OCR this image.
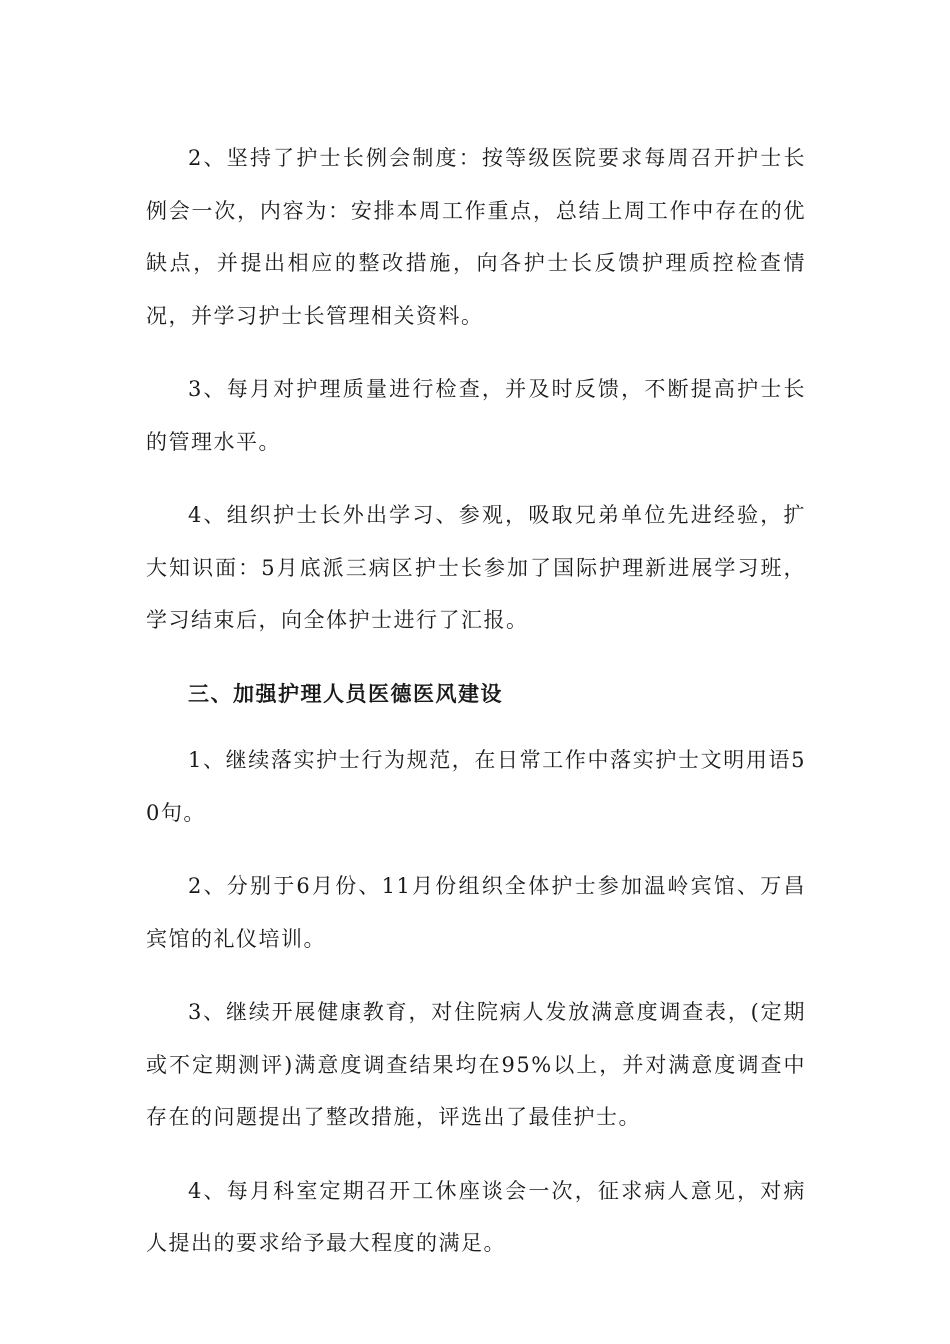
2、坚持了护士长例会制度：按等级医院要求每周召开护士长例会一次，内容为：安排本周工作重点，总结上周工作中存在的优缺点，并提出相应的整改措施，向各护士长反馈护理质控检查情况，并学习护士长管理相关资料。

3、每月对护理质量进行检查，并及时反馈，不断提高护士长的管理水平。

4、组织护士长外出学习、参观，吸取兄弟单位先进经验，扩大知识面：5月底派三病区护士长参加了国际护理新进展学习班，学习结束后，向全体护士进行了汇报。

三、加强护理人员医德医风建设

1、继续落实护士行为规范，在日常工作中落实护士文明用语50句。

2、分别于6月份、11月份组织全体护士参加温岭宾馆、万昌宾馆的礼仪培训。

3、继续开展健康教育，对住院病人发放满意度调查表，(定期或不定期测评)满意度调查结果均在95%以上，并对满意度调查中存在的问题提出了整改措施，评选出了最佳护士。

4、每月科室定期召开工休座谈会一次，征求病人意见，对病人提出的要求给予最大程度的满足。
